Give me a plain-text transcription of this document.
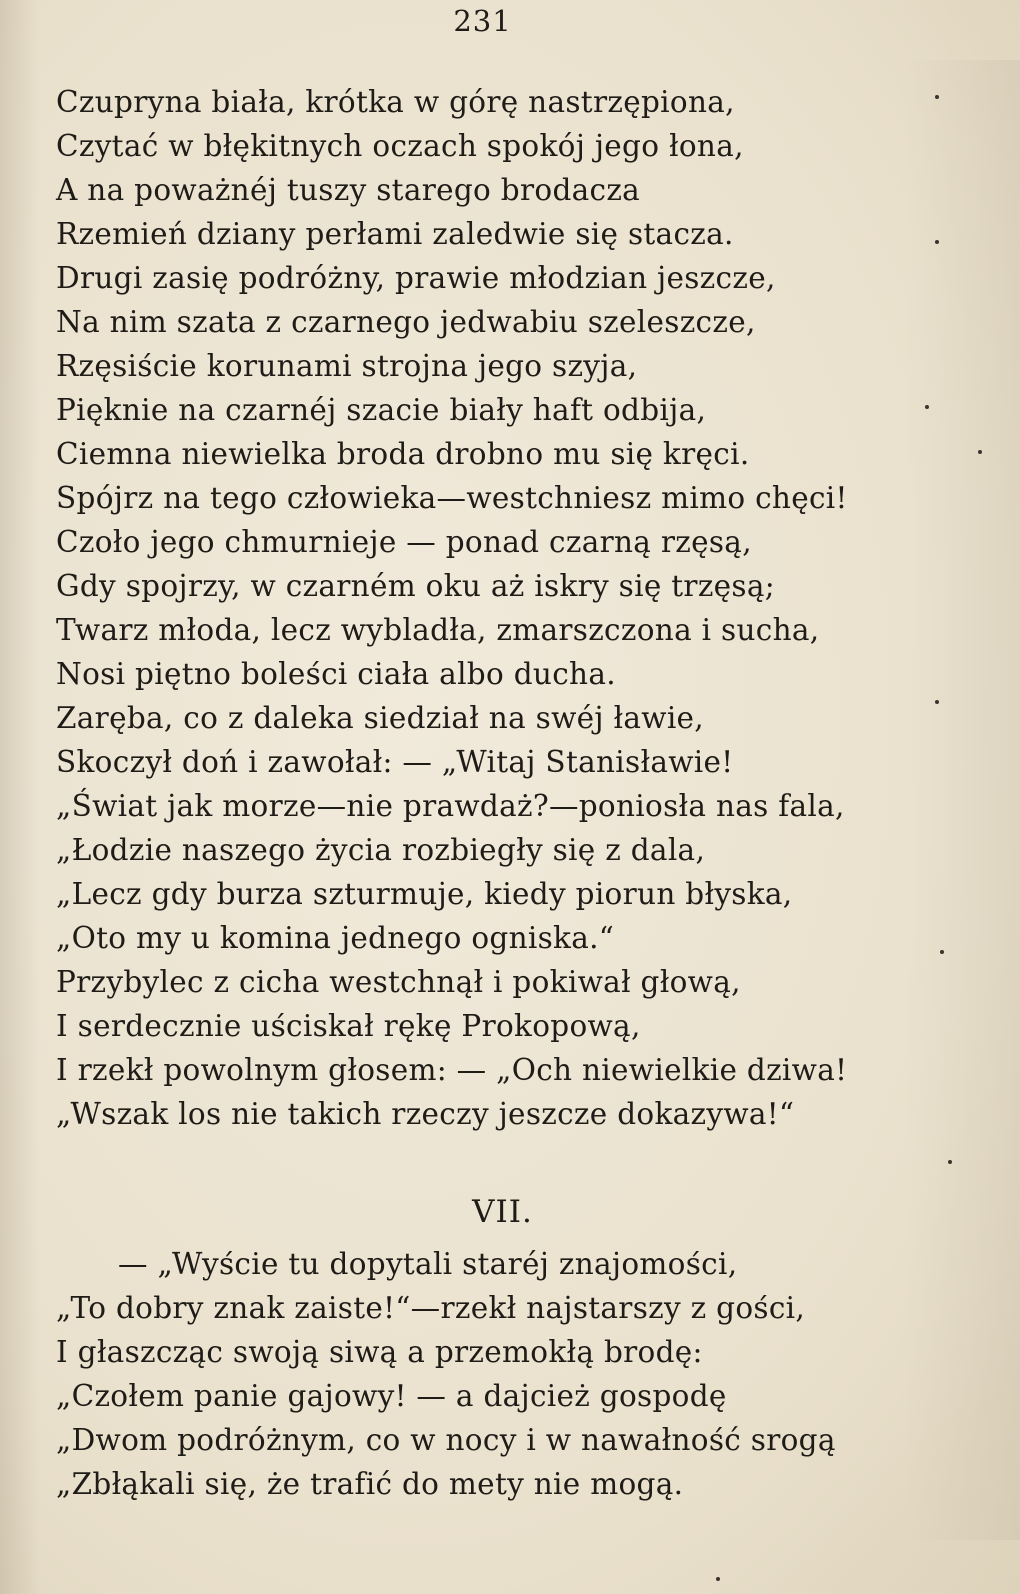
231
Czupryna biała, krótka w górę nastrzępiona,
Czytać w błękitnych oczach spokój jego łona,
A na poważnéj tuszy starego brodacza
Rzemień dziany perłami zaledwie się stacza.
Drugi zasię podróżny, prawie młodzian jeszcze,
Na nim szata z czarnego jedwabiu szeleszcze,
Rzęsiście korunami strojna jego szyja,
Pięknie na czarnéj szacie biały haft odbija,
Ciemna niewielka broda drobno mu się kręci.
Spójrz na tego człowieka—westchniesz mimo chęci!
Czoło jego chmurnieje — ponad czarną rzęsą,
Gdy spojrzy, w czarném oku aż iskry się trzęsą;
Twarz młoda, lecz wybladła, zmarszczona i sucha,
Nosi piętno boleści ciała albo ducha.
Zaręba, co z daleka siedział na swéj ławie,
Skoczył doń i zawołał: — „Witaj Stanisławie!
„Świat jak morze—nie prawdaż?—poniosła nas fala,
„Łodzie naszego życia rozbiegły się z dala,
„Lecz gdy burza szturmuje, kiedy piorun błyska,
„Oto my u komina jednego ogniska.“
Przybylec z cicha westchnął i pokiwał głową,
I serdecznie uściskał rękę Prokopową,
I rzekł powolnym głosem: — „Och niewielkie dziwa!
„Wszak los nie takich rzeczy jeszcze dokazywa!“
VII.
— „Wyście tu dopytali staréj znajomości,
„To dobry znak zaiste!“—rzekł najstarszy z gości,
I głaszcząc swoją siwą a przemokłą brodę:
„Czołem panie gajowy! — a dajcież gospodę
„Dwom podróżnym, co w nocy i w nawałność srogą
„Zbłąkali się, że trafić do mety nie mogą.
